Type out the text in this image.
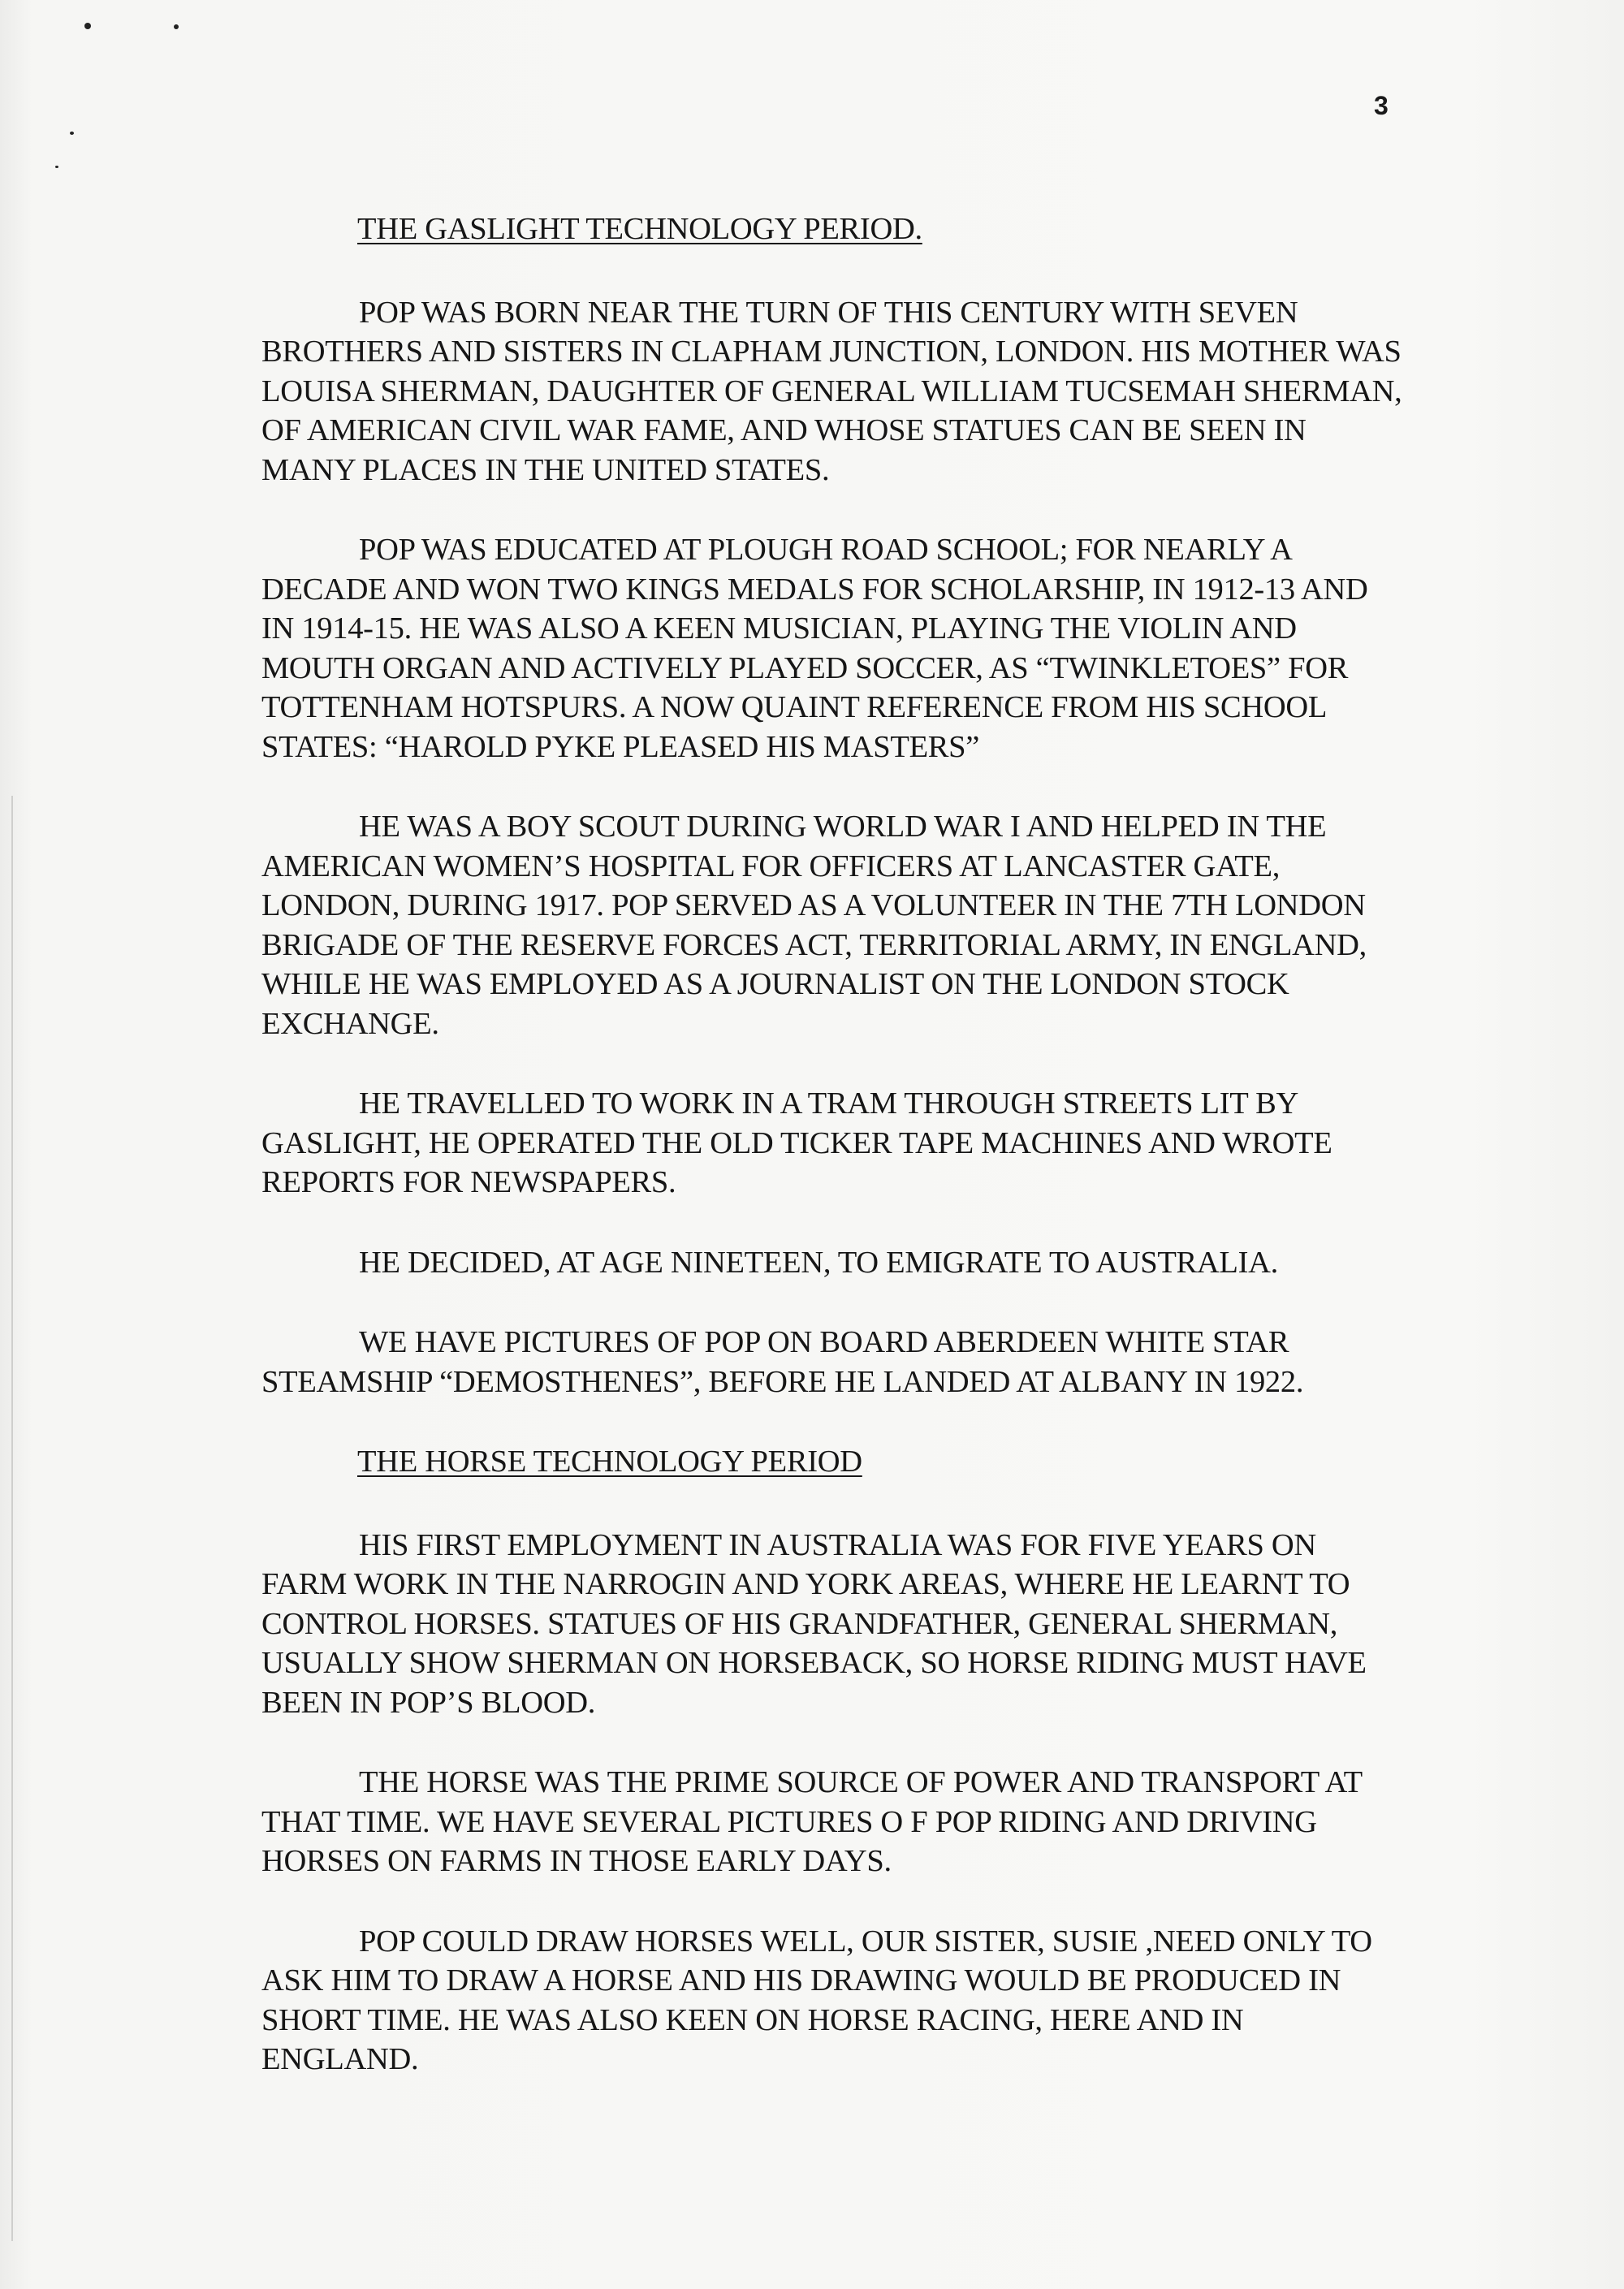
3
THE GASLIGHT TECHNOLOGY PERIOD.

POP WAS BORN NEAR THE TURN OF THIS CENTURY WITH SEVEN BROTHERS AND SISTERS IN CLAPHAM JUNCTION, LONDON. HIS MOTHER WAS LOUISA SHERMAN, DAUGHTER OF GENERAL WILLIAM TUCSEMAH SHERMAN, OF AMERICAN CIVIL WAR FAME, AND WHOSE STATUES CAN BE SEEN IN MANY PLACES IN THE UNITED STATES.

POP WAS EDUCATED AT PLOUGH ROAD SCHOOL; FOR NEARLY A DECADE AND WON TWO KINGS MEDALS FOR SCHOLARSHIP, IN 1912-13 AND IN 1914-15. HE WAS ALSO A KEEN MUSICIAN, PLAYING THE VIOLIN AND MOUTH ORGAN AND ACTIVELY PLAYED SOCCER, AS “TWINKLETOES” FOR TOTTENHAM HOTSPURS. A NOW QUAINT REFERENCE FROM HIS SCHOOL STATES: “HAROLD PYKE PLEASED HIS MASTERS”

HE WAS A BOY SCOUT DURING WORLD WAR I AND HELPED IN THE AMERICAN WOMEN’S HOSPITAL FOR OFFICERS AT LANCASTER GATE, LONDON, DURING 1917. POP SERVED AS A VOLUNTEER IN THE 7TH LONDON BRIGADE OF THE RESERVE FORCES ACT, TERRITORIAL ARMY, IN ENGLAND, WHILE HE WAS EMPLOYED AS A JOURNALIST ON THE LONDON STOCK EXCHANGE.

HE TRAVELLED TO WORK IN A TRAM THROUGH STREETS LIT BY GASLIGHT, HE OPERATED THE OLD TICKER TAPE MACHINES AND WROTE REPORTS FOR NEWSPAPERS.

HE DECIDED, AT AGE NINETEEN, TO EMIGRATE TO AUSTRALIA.

WE HAVE PICTURES OF POP ON BOARD ABERDEEN WHITE STAR STEAMSHIP “DEMOSTHENES”, BEFORE HE LANDED AT ALBANY IN 1922.

THE HORSE TECHNOLOGY PERIOD

HIS FIRST EMPLOYMENT IN AUSTRALIA WAS FOR FIVE YEARS ON FARM WORK IN THE NARROGIN AND YORK AREAS, WHERE HE LEARNT TO CONTROL HORSES. STATUES OF HIS GRANDFATHER, GENERAL SHERMAN, USUALLY SHOW SHERMAN ON HORSEBACK, SO HORSE RIDING MUST HAVE BEEN IN POP’S BLOOD.

THE HORSE WAS THE PRIME SOURCE OF POWER AND TRANSPORT AT THAT TIME. WE HAVE SEVERAL PICTURES O F POP RIDING AND DRIVING HORSES ON FARMS IN THOSE EARLY DAYS.

POP COULD DRAW HORSES WELL, OUR SISTER, SUSIE ,NEED ONLY TO ASK HIM TO DRAW A HORSE AND HIS DRAWING WOULD BE PRODUCED IN SHORT TIME. HE WAS ALSO KEEN ON HORSE RACING, HERE AND IN ENGLAND.
